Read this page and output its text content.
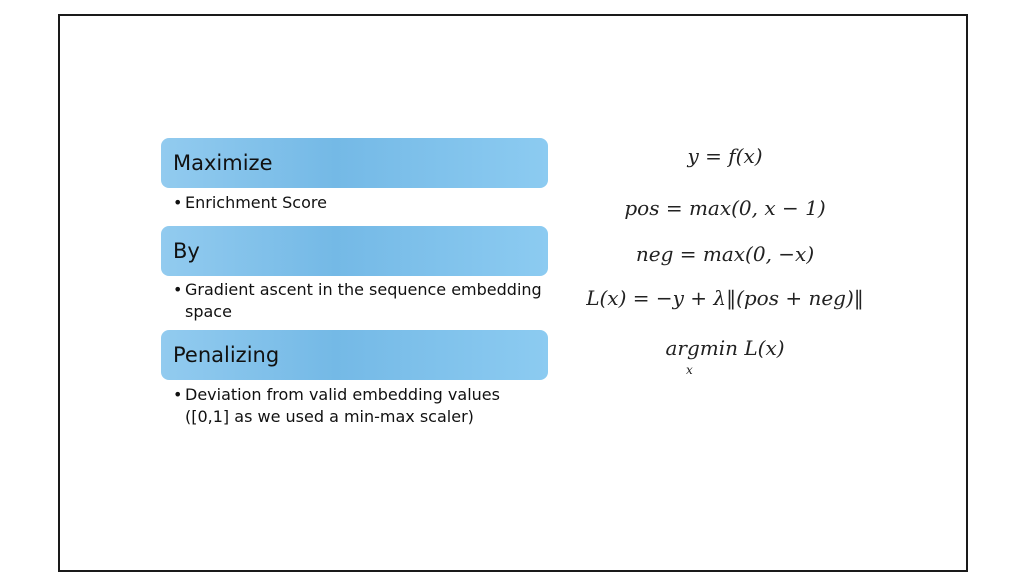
Maximize
• Enrichment Score
By
• Gradient ascent in the sequence embedding space
Penalizing
• Deviation from valid embedding values ([0,1] as we used a min-max scaler)
y = f(x)
pos = max(0, x − 1)
neg = max(0, −x)
L(x) = −y + λ‖(pos + neg)‖
argmin L(x)
x
